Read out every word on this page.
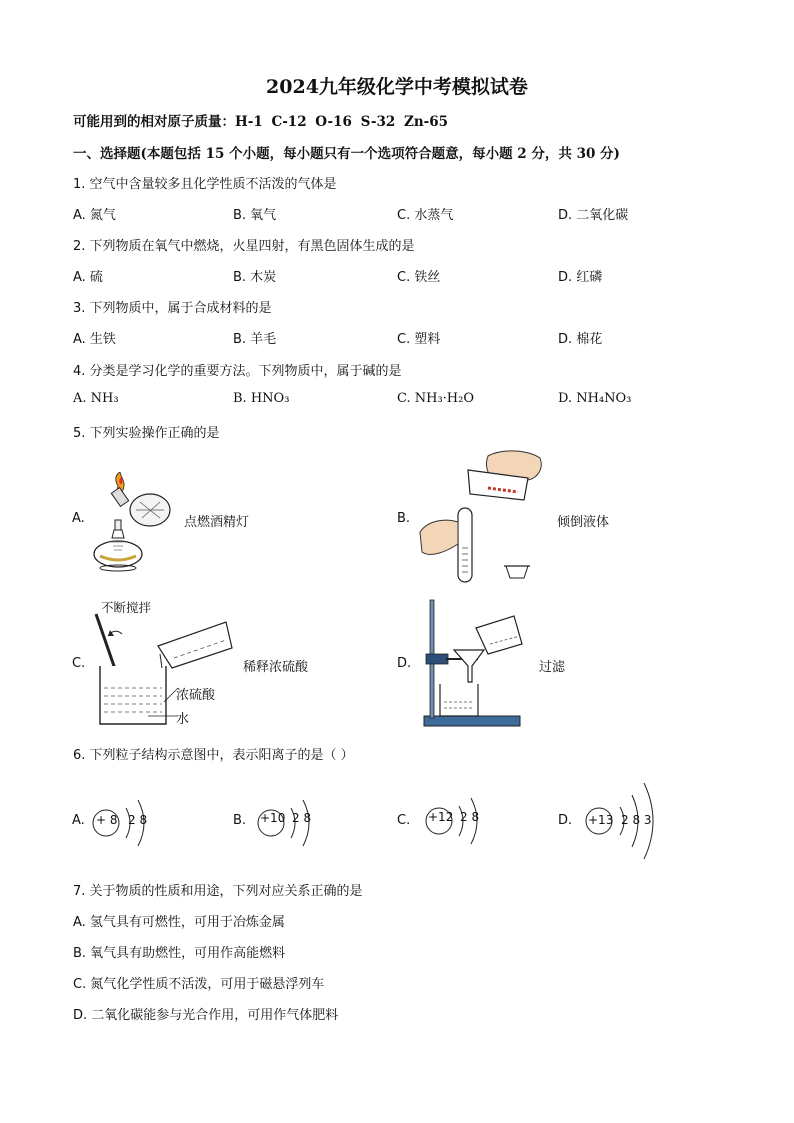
2024九年级化学中考模拟试卷
可能用到的相对原子质量：H-1 C-12 O-16 S-32 Zn-65
一、选择题(本题包括 15 个小题，每小题只有一个选项符合题意，每小题 2 分，共 30 分)
1. 空气中含量较多且化学性质不活泼的气体是
A. 氮气	B. 氧气	C. 水蒸气	D. 二氧化碳
2. 下列物质在氧气中燃烧，火星四射，有黑色固体生成的是
A. 硫	B. 木炭	C. 铁丝	D. 红磷
3. 下列物质中，属于合成材料的是
A. 生铁	B. 羊毛	C. 塑料	D. 棉花
4. 分类是学习化学的重要方法。下列物质中，属于碱的是
A. NH₃	B. HNO₃	C. NH₃·H₂O	D. NH₄NO₃
5. 下列实验操作正确的是
A.	点燃酒精灯	B.	倾倒液体
C.
不断搅拌
浓硫酸
水
稀释浓硫酸	D.	过滤
6. 下列粒子结构示意图中，表示阳离子的是（ ）
A. + 8 2 8	B. +10 2 8	C. +12 2 8	D. +13 2 8 3
7. 关于物质的性质和用途，下列对应关系正确的是
A. 氢气具有可燃性，可用于冶炼金属
B. 氧气具有助燃性，可用作高能燃料
C. 氮气化学性质不活泼，可用于磁悬浮列车
D. 二氧化碳能参与光合作用，可用作气体肥料
